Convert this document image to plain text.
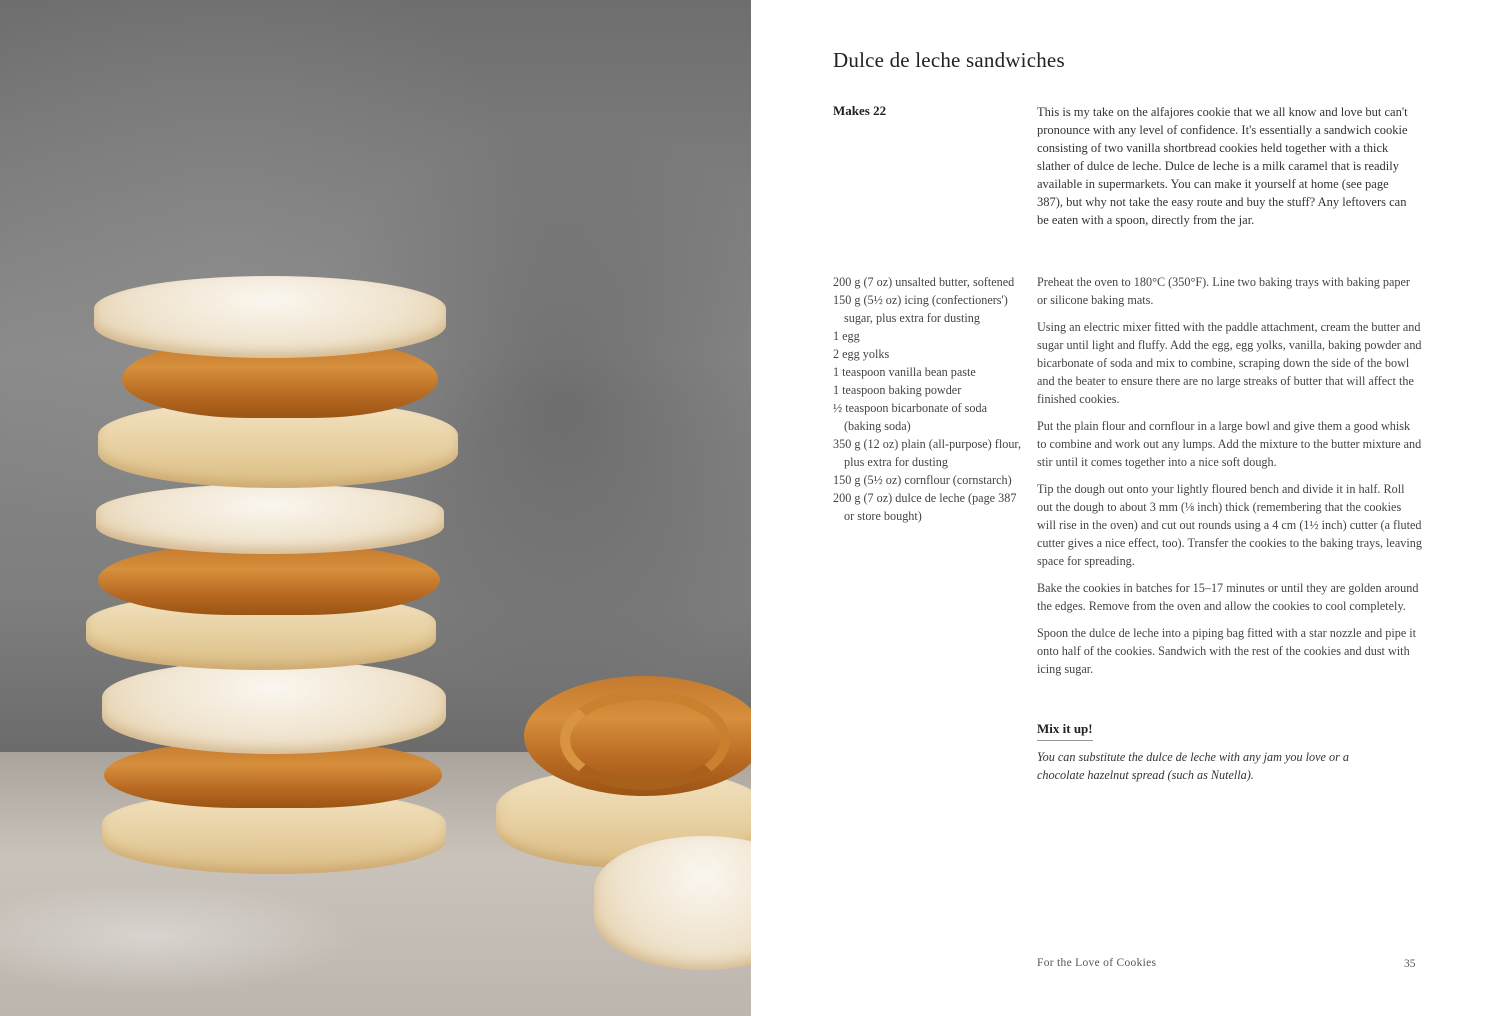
Dulce de leche sandwiches
Makes 22	This is my take on the alfajores cookie that we all know and love but can't pronounce with any level of confidence. It's essentially a sandwich cookie consisting of two vanilla shortbread cookies held together with a thick slather of dulce de leche. Dulce de leche is a milk caramel that is readily available in supermarkets. You can make it yourself at home (see page 387), but why not take the easy route and buy the stuff? Any leftovers can be eaten with a spoon, directly from the jar.

200 g (7 oz) unsalted butter, softened
150 g (5½ oz) icing (confectioners') sugar, plus extra for dusting
1 egg
2 egg yolks
1 teaspoon vanilla bean paste
1 teaspoon baking powder
½ teaspoon bicarbonate of soda (baking soda)
350 g (12 oz) plain (all-purpose) flour, plus extra for dusting
150 g (5½ oz) cornflour (cornstarch)
200 g (7 oz) dulce de leche (page 387 or store bought)

Preheat the oven to 180°C (350°F). Line two baking trays with baking paper or silicone baking mats.

Using an electric mixer fitted with the paddle attachment, cream the butter and sugar until light and fluffy. Add the egg, egg yolks, vanilla, baking powder and bicarbonate of soda and mix to combine, scraping down the side of the bowl and the beater to ensure there are no large streaks of butter that will affect the finished cookies.

Put the plain flour and cornflour in a large bowl and give them a good whisk to combine and work out any lumps. Add the mixture to the butter mixture and stir until it comes together into a nice soft dough.

Tip the dough out onto your lightly floured bench and divide it in half. Roll out the dough to about 3 mm (⅛ inch) thick (remembering that the cookies will rise in the oven) and cut out rounds using a 4 cm (1½ inch) cutter (a fluted cutter gives a nice effect, too). Transfer the cookies to the baking trays, leaving space for spreading.

Bake the cookies in batches for 15–17 minutes or until they are golden around the edges. Remove from the oven and allow the cookies to cool completely.

Spoon the dulce de leche into a piping bag fitted with a star nozzle and pipe it onto half of the cookies. Sandwich with the rest of the cookies and dust with icing sugar.

Mix it up!

You can substitute the dulce de leche with any jam you love or a chocolate hazelnut spread (such as Nutella).

For the Love of Cookies	35
